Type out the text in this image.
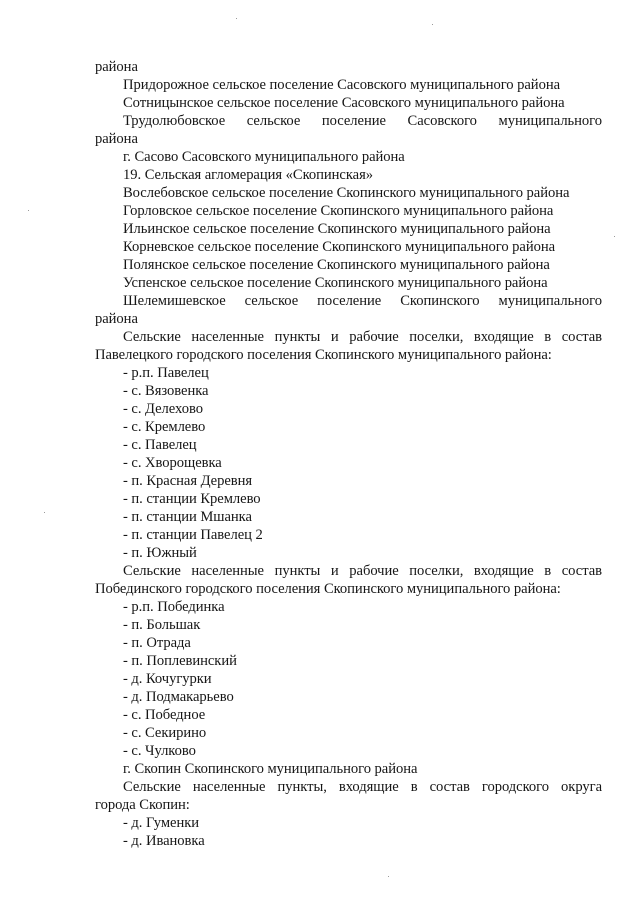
района
Придорожное сельское поселение Сасовского муниципального района
Сотницынское сельское поселение Сасовского муниципального района
Трудолюбовское сельское поселение Сасовского муниципального
района
г. Сасово Сасовского муниципального района
19. Сельская агломерация «Скопинская»
Вослебовское сельское поселение Скопинского муниципального района
Горловское сельское поселение Скопинского муниципального района
Ильинское сельское поселение Скопинского муниципального района
Корневское сельское поселение Скопинского муниципального района
Полянское сельское поселение Скопинского муниципального района
Успенское сельское поселение Скопинского муниципального района
Шелемишевское сельское поселение Скопинского муниципального
района
Сельские населенные пункты и рабочие поселки, входящие в состав
Павелецкого городского поселения Скопинского муниципального района:
- р.п. Павелец
- с. Вязовенка
- с. Делехово
- с. Кремлево
- с. Павелец
- с. Хворощевка
- п. Красная Деревня
- п. станции Кремлево
- п. станции Мшанка
- п. станции Павелец 2
- п. Южный
Сельские населенные пункты и рабочие поселки, входящие в состав
Побединского городского поселения Скопинского муниципального района:
- р.п. Побединка
- п. Большак
- п. Отрада
- п. Поплевинский
- д. Кочугурки
- д. Подмакарьево
- с. Победное
- с. Секирино
- с. Чулково
г. Скопин Скопинского муниципального района
Сельские населенные пункты, входящие в состав городского округа
города Скопин:
- д. Гуменки
- д. Ивановка
